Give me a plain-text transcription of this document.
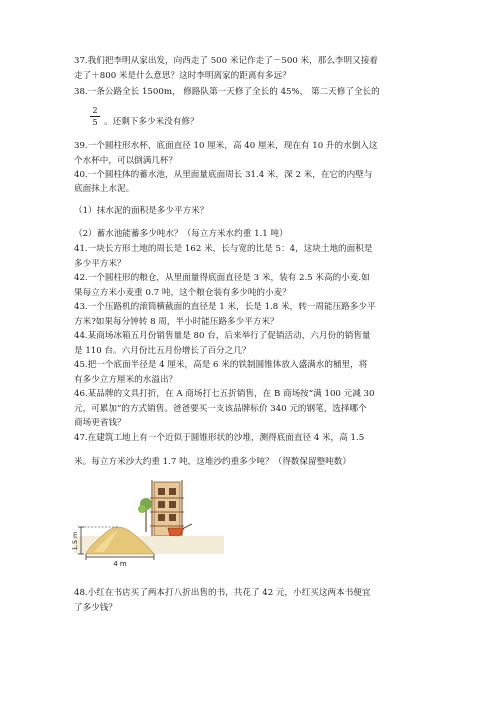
37.我们把李明从家出发，向西走了 500 米记作走了－500 米，那么李明又接着
走了＋800 米是什么意思？这时李明离家的距离有多远？
38.一条公路全长 1500m， 修路队第一天修了全长的 45%， 第二天修了全长的
2
5 。还剩下多少米没有修？
39.一个圆柱形水杯，底面直径 10 厘米，高 40 厘米，现在有 10 升的水倒入这
个水杯中，可以倒满几杯？
40.一个圆柱体的蓄水池，从里面量底面周长 31.4 米，深 2 米，在它的内壁与
底面抹上水泥。
（1）抹水泥的面积是多少平方米？
（2）蓄水池能蓄多少吨水？（每立方米水约重 1.1 吨）
41.一块长方形土地的周长是 162 米，长与宽的比是 5：4，这块土地的面积是
多少平方米？
42.一个圆柱形的粮仓，从里面量得底面直径是 3 米，装有 2.5 米高的小麦.如
果每立方米小麦重 0.7 吨，这个粮仓装有多少吨的小麦？
43.一个压路机的滚筒横截面的直径是 1 米，长是 1.8 米，转一周能压路多少平
方米?如果每分钟转 8 周，半小时能压路多少平方米？
44.某商场冰箱五月份销售量是 80 台，后来举行了促销活动，六月份的销售量
是 110 台。六月份比五月份增长了百分之几？
45.把一个底面半径是 4 厘米，高是 6 米的铁制圆锥体放入盛满水的桶里，将
有多少立方厘米的水溢出？
46.某品牌的文具打折，在 A 商场打七五折销售，在 B 商场按“满 100 元减 30
元，可累加”的方式销售。爸爸要买一支该品牌标价 340 元的钢笔，选择哪个
商场更省钱？
47.在建筑工地上有一个近似于圆锥形状的沙堆，测得底面直径 4 米，高 1.5
米。每立方米沙大约重 1.7 吨，这堆沙约重多少吨？（得数保留整吨数）
1.5 m
4 m
48.小红在书店买了两本打八折出售的书，共花了 42 元，小红买这两本书便宜
了多少钱？
